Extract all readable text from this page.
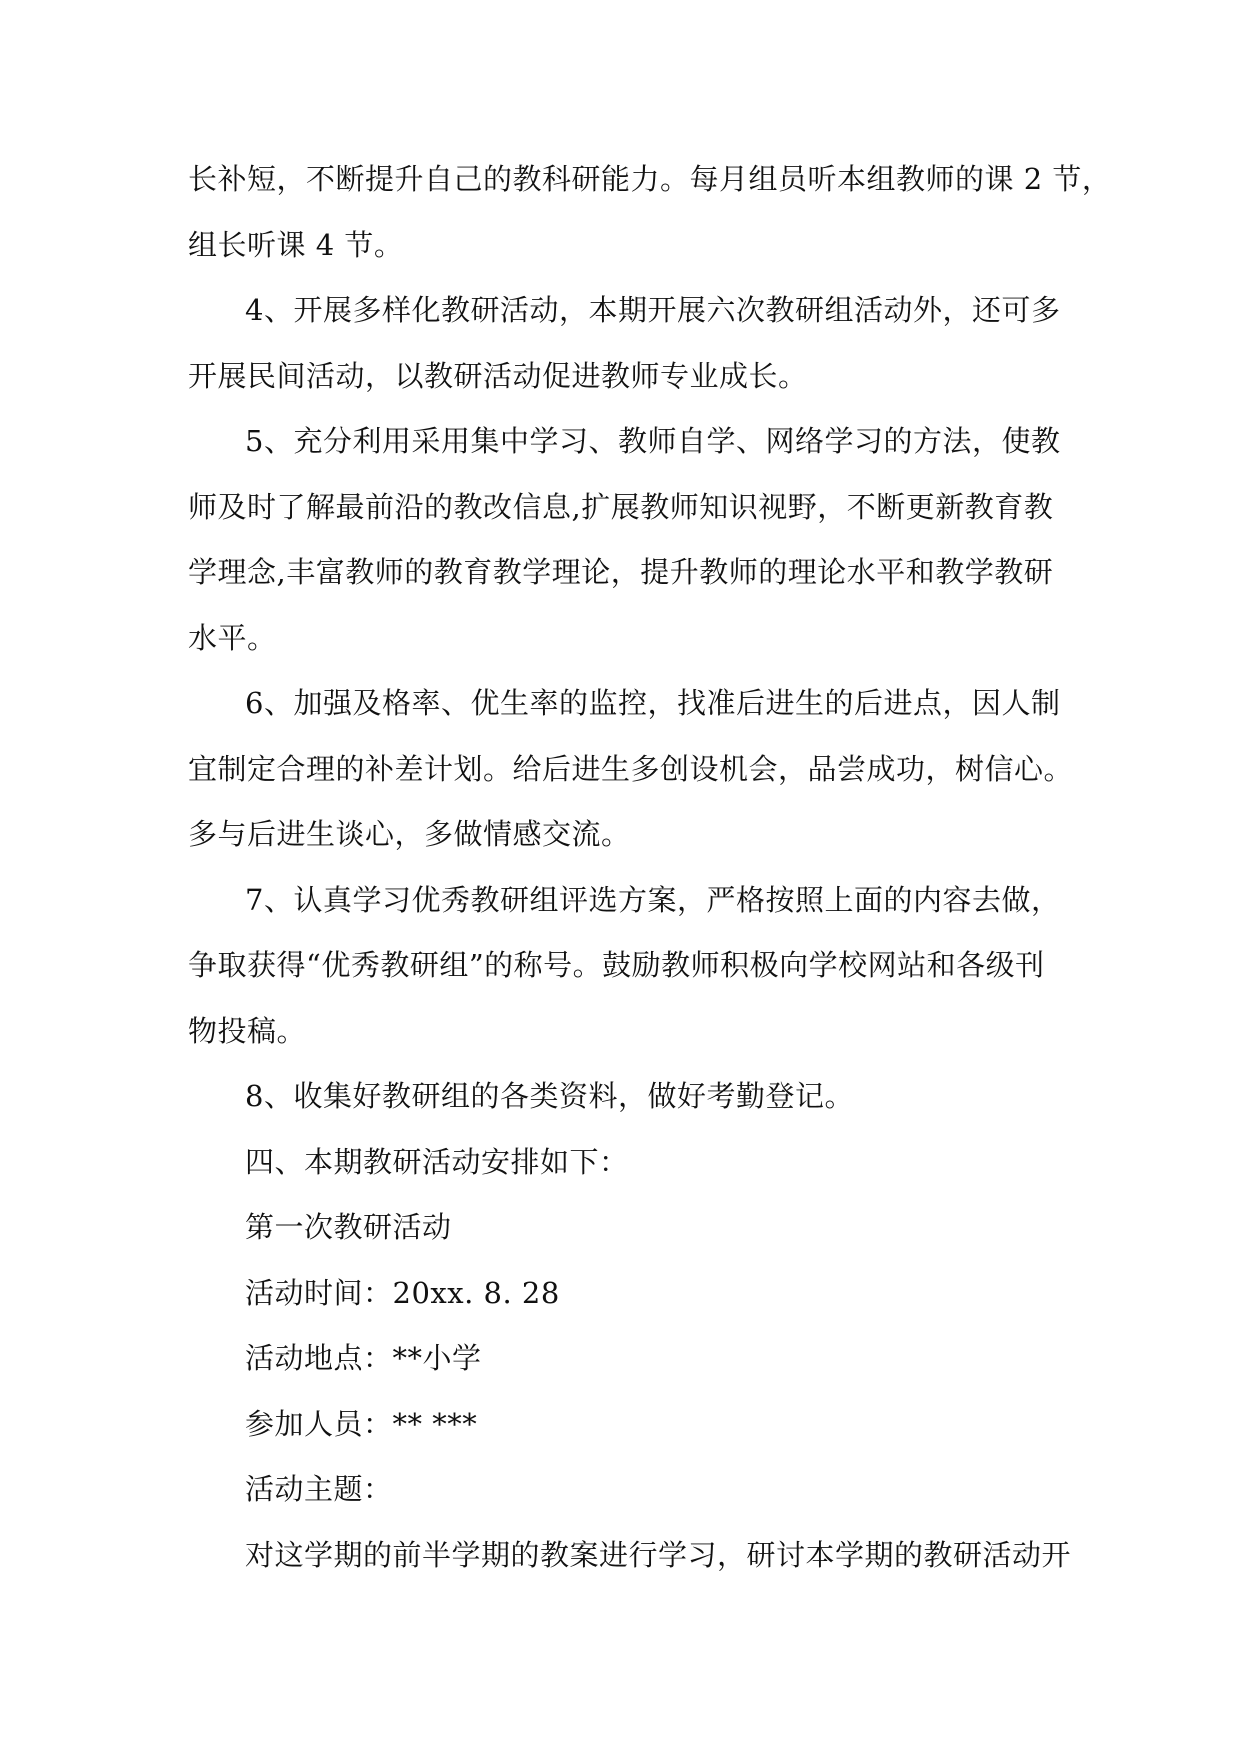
长补短，不断提升自己的教科研能力。每月组员听本组教师的课 2 节，
组长听课 4 节。
4、开展多样化教研活动，本期开展六次教研组活动外，还可多
开展民间活动，以教研活动促进教师专业成长。
5、充分利用采用集中学习、教师自学、网络学习的方法，使教
师及时了解最前沿的教改信息,扩展教师知识视野，不断更新教育教
学理念,丰富教师的教育教学理论，提升教师的理论水平和教学教研
水平。
6、加强及格率、优生率的监控，找准后进生的后进点，因人制
宜制定合理的补差计划。给后进生多创设机会，品尝成功，树信心。
多与后进生谈心，多做情感交流。
7、认真学习优秀教研组评选方案，严格按照上面的内容去做，
争取获得“优秀教研组”的称号。鼓励教师积极向学校网站和各级刊
物投稿。
8、收集好教研组的各类资料，做好考勤登记。
四、本期教研活动安排如下：
第一次教研活动
活动时间：20xx. 8. 28
活动地点：**小学
参加人员：** ***
活动主题：
对这学期的前半学期的教案进行学习，研讨本学期的教研活动开
